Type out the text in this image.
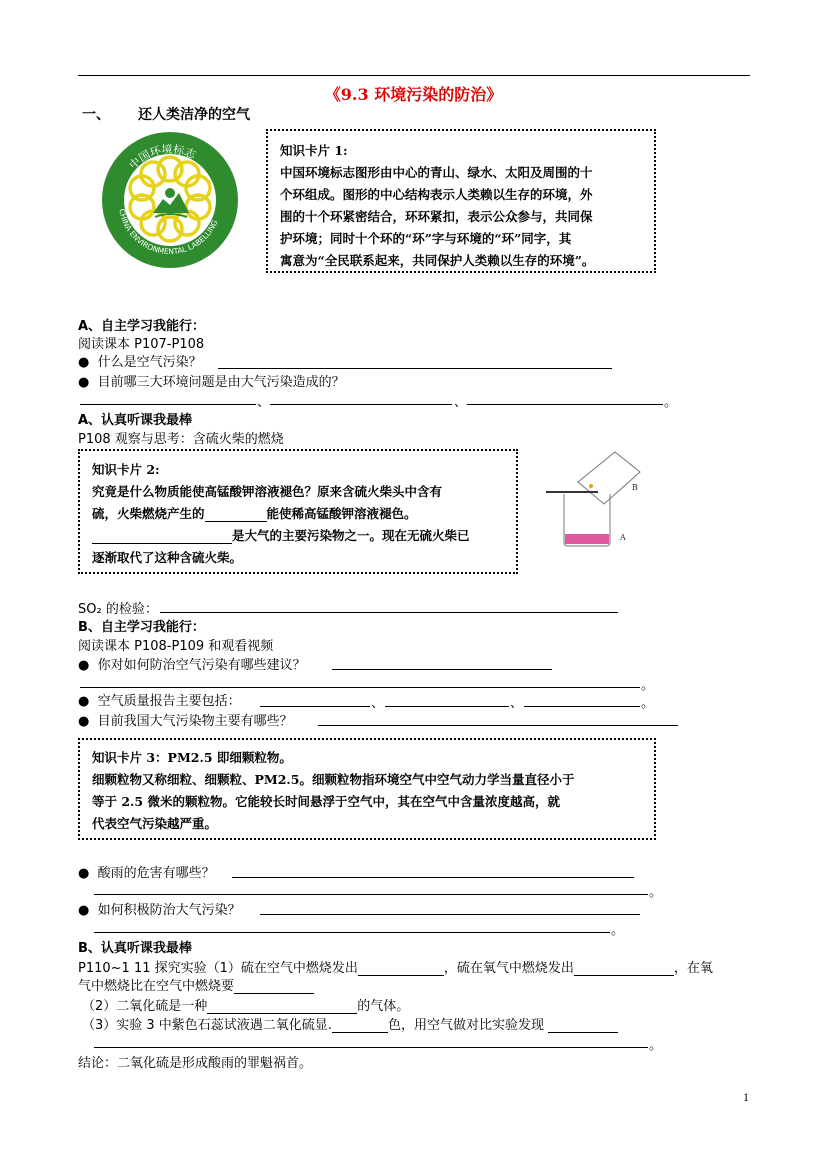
《9.3 环境污染的防治》
一、 还人类洁净的空气
中国环境标志
CHINA ENVIRONMENTAL LABELLING
知识卡片 1:
中国环境标志图形由中心的青山、绿水、太阳及周围的十
个环组成。图形的中心结构表示人类赖以生存的环境，外
围的十个环紧密结合，环环紧扣，表示公众参与，共同保
护环境；同时十个环的“环”字与环境的“环”同字，其
寓意为“全民联系起来，共同保护人类赖以生存的环境”。
A、自主学习我能行：
阅读课本 P107-P108
● 什么是空气污染？
● 目前哪三大环境问题是由大气污染造成的？
、	、	。
A、认真听课我最棒
P108 观察与思考：含硫火柴的燃烧
知识卡片 2:
究竟是什么物质能使高锰酸钾溶液褪色？原来含硫火柴头中含有
硫，火柴燃烧产生的	能使稀高锰酸钾溶液褪色。
是大气的主要污染物之一。现在无硫火柴已
逐渐取代了这种含硫火柴。
B
A
SO₂ 的检验：
B、自主学习我能行：
阅读课本 P108-P109 和观看视频
● 你对如何防治空气污染有哪些建议？
。
● 空气质量报告主要包括：	、	、	。
● 目前我国大气污染物主要有哪些？
知识卡片 3：PM2.5 即细颗粒物。
细颗粒物又称细粒、细颗粒、PM2.5。细颗粒物指环境空气中空气动力学当量直径小于
等于 2.5 微米的颗粒物。它能较长时间悬浮于空气中，其在空气中含量浓度越高，就
代表空气污染越严重。
● 酸雨的危害有哪些？
。
● 如何积极防治大气污染？
。
B、认真听课我最棒
P110~1 11 探究实验（1）硫在空气中燃烧发出	，硫在氧气中燃烧发出	，在氧
气中燃烧比在空气中燃烧要
（2）二氧化硫是一种	的气体。
（3）实验 3 中紫色石蕊试液遇二氧化硫显.	色，用空气做对比实验发现
。
结论：二氧化硫是形成酸雨的罪魁祸首。
1
